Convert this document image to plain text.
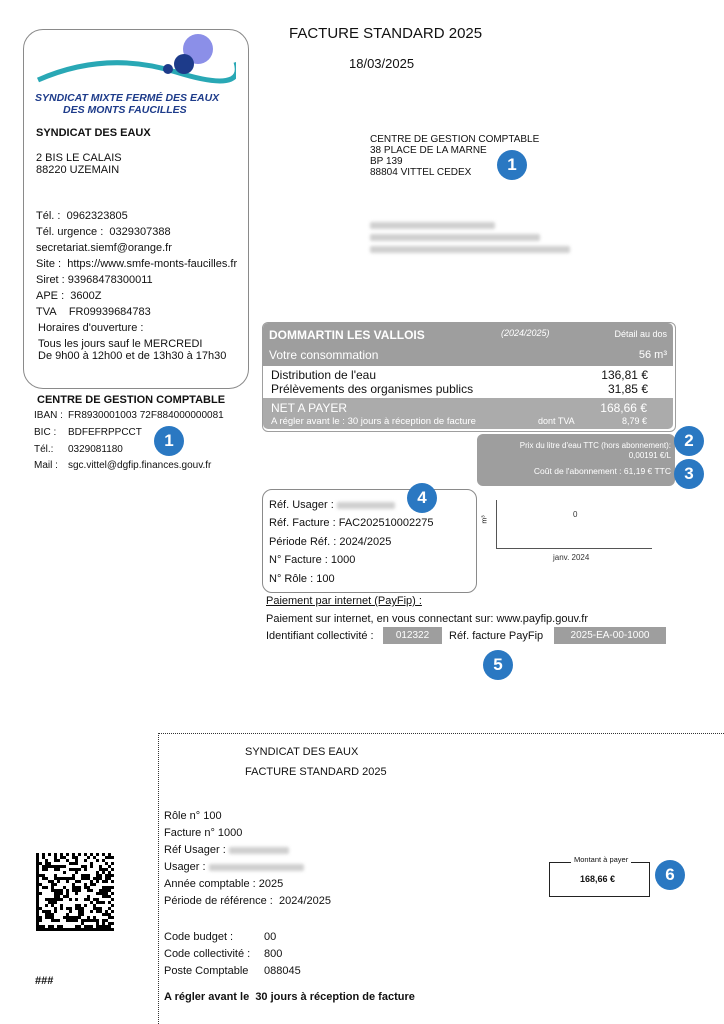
FACTURE STANDARD 2025
18/03/2025
SYNDICAT MIXTE FERMÉ DES EAUX
DES MONTS FAUCILLES
SYNDICAT DES EAUX
2 BIS LE CALAIS
88220 UZEMAIN
Tél. : 0962323805
Tél. urgence : 0329307388
secretariat.siemf@orange.fr
Site : https://www.smfe-monts-faucilles.fr
Siret : 93968478300011
APE : 3600Z
TVA FR09939684783
Horaires d'ouverture :
Tous les jours sauf le MERCREDI
De 9h00 à 12h00 et de 13h30 à 17h30
CENTRE DE GESTION COMPTABLE
IBAN : FR8930001003 72F884000000081
BIC : BDFEFRPPCCT
Tél.: 0329081180
Mail : sgc.vittel@dgfip.finances.gouv.fr
1
CENTRE DE GESTION COMPTABLE
38 PLACE DE LA MARNE
BP 139
88804 VITTEL CEDEX	1
DOMMARTIN LES VALLOIS	(2024/2025)	Détail au dos
Votre consommation	56 m³
Distribution de l'eau	136,81 €
Prélèvements des organismes publics	31,85 €
NET A PAYER	168,66 €
A régler avant le : 30 jours à réception de facture	dont TVA	8,79 €
Prix du litre d'eau TTC (hors abonnement):
0,00191 €/L
Coût de l'abonnement : 61,19 € TTC
2
3
Réf. Usager :
Réf. Facture : FAC202510002275
Période Réf. : 2024/2025
N° Facture : 1000
N° Rôle : 100
4
m³
0
janv. 2024
Paiement par internet (PayFip) :
Paiement sur internet, en vous connectant sur: www.payfip.gouv.fr
Identifiant collectivité :	012322	Réf. facture PayFip	2025-EA-00-1000
5
SYNDICAT DES EAUX
FACTURE STANDARD 2025
Rôle n° 100
Facture n° 1000
Réf Usager :
Usager :
Année comptable : 2025
Période de référence : 2024/2025
Code budget :	00
Code collectivité : 800
Poste Comptable 088045
A régler avant le 30 jours à réception de facture
Montant à payer
168,66 €	6
###
